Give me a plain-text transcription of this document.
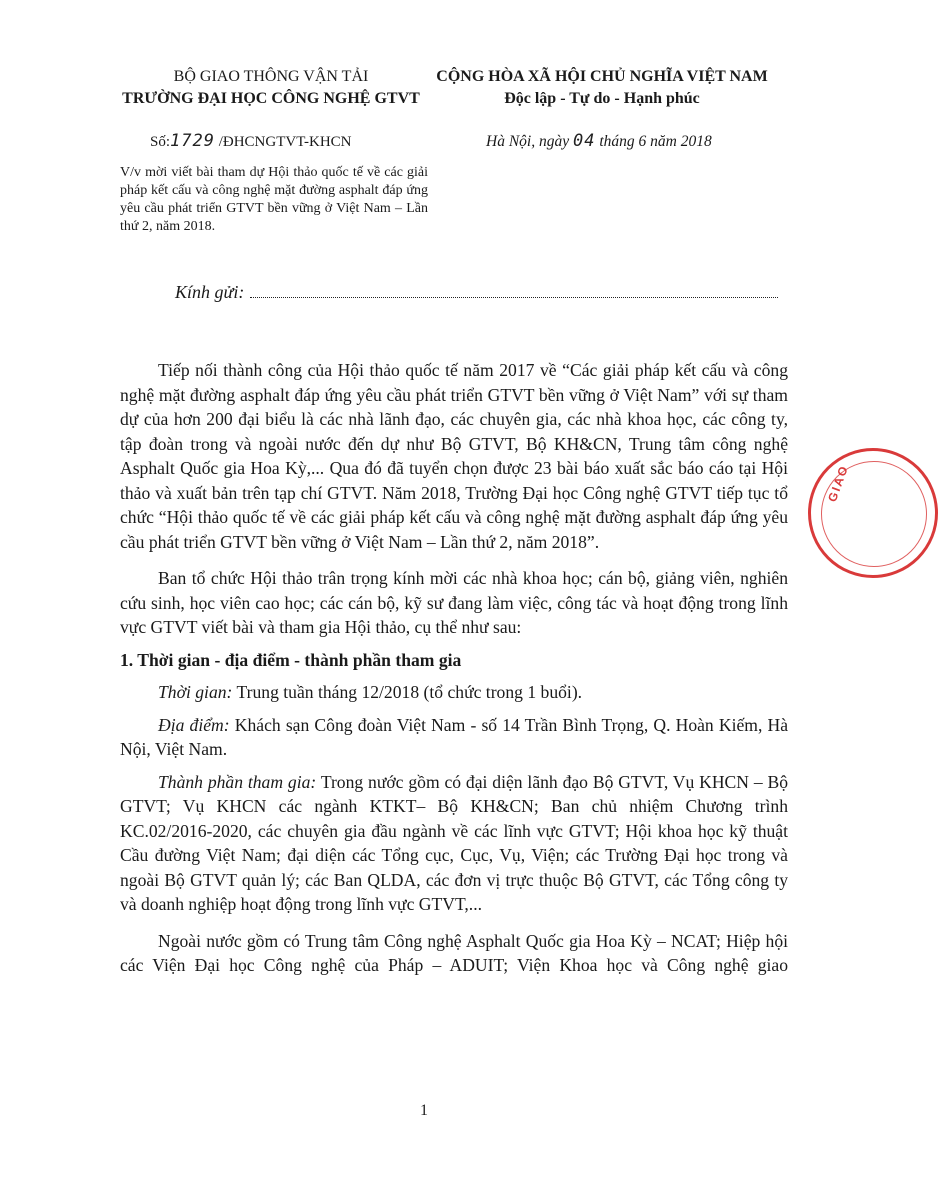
BỘ GIAO THÔNG VẬN TẢI
TRƯỜNG ĐẠI HỌC CÔNG NGHỆ GTVT
CỘNG HÒA XÃ HỘI CHỦ NGHĨA VIỆT NAM
Độc lập - Tự do - Hạnh phúc
Số:1729 /ĐHCNGTVT-KHCN	Hà Nội, ngày 04 tháng 6 năm 2018
V/v mời viết bài tham dự Hội thảo quốc tế về các giải pháp kết cấu và công nghệ mặt đường asphalt đáp ứng yêu cầu phát triển GTVT bền vững ở Việt Nam – Lần thứ 2, năm 2018.
Kính gửi:

Tiếp nối thành công của Hội thảo quốc tế năm 2017 về “Các giải pháp kết cấu và công nghệ mặt đường asphalt đáp ứng yêu cầu phát triển GTVT bền vững ở Việt Nam” với sự tham dự của hơn 200 đại biểu là các nhà lãnh đạo, các chuyên gia, các nhà khoa học, các công ty, tập đoàn trong và ngoài nước đến dự như Bộ GTVT, Bộ KH&CN, Trung tâm công nghệ Asphalt Quốc gia Hoa Kỳ,... Qua đó đã tuyển chọn được 23 bài báo xuất sắc báo cáo tại Hội thảo và xuất bản trên tạp chí GTVT. Năm 2018, Trường Đại học Công nghệ GTVT tiếp tục tổ chức “Hội thảo quốc tế về các giải pháp kết cấu và công nghệ mặt đường asphalt đáp ứng yêu cầu phát triển GTVT bền vững ở Việt Nam – Lần thứ 2, năm 2018”.

Ban tổ chức Hội thảo trân trọng kính mời các nhà khoa học; cán bộ, giảng viên, nghiên cứu sinh, học viên cao học; các cán bộ, kỹ sư đang làm việc, công tác và hoạt động trong lĩnh vực GTVT viết bài và tham gia Hội thảo, cụ thể như sau:

1. Thời gian - địa điểm - thành phần tham gia

Thời gian: Trung tuần tháng 12/2018 (tổ chức trong 1 buổi).

Địa điểm: Khách sạn Công đoàn Việt Nam - số 14 Trần Bình Trọng, Q. Hoàn Kiếm, Hà Nội, Việt Nam.

Thành phần tham gia: Trong nước gồm có đại diện lãnh đạo Bộ GTVT, Vụ KHCN – Bộ GTVT; Vụ KHCN các ngành KTKT– Bộ KH&CN; Ban chủ nhiệm Chương trình KC.02/2016-2020, các chuyên gia đầu ngành về các lĩnh vực GTVT; Hội khoa học kỹ thuật Cầu đường Việt Nam; đại diện các Tổng cục, Cục, Vụ, Viện; các Trường Đại học trong và ngoài Bộ GTVT quản lý; các Ban QLDA, các đơn vị trực thuộc Bộ GTVT, các Tổng công ty và doanh nghiệp hoạt động trong lĩnh vực GTVT,...

Ngoài nước gồm có Trung tâm Công nghệ Asphalt Quốc gia Hoa Kỳ – NCAT; Hiệp hội các Viện Đại học Công nghệ của Pháp – ADUIT; Viện Khoa học và Công nghệ giao

GIAO
1
